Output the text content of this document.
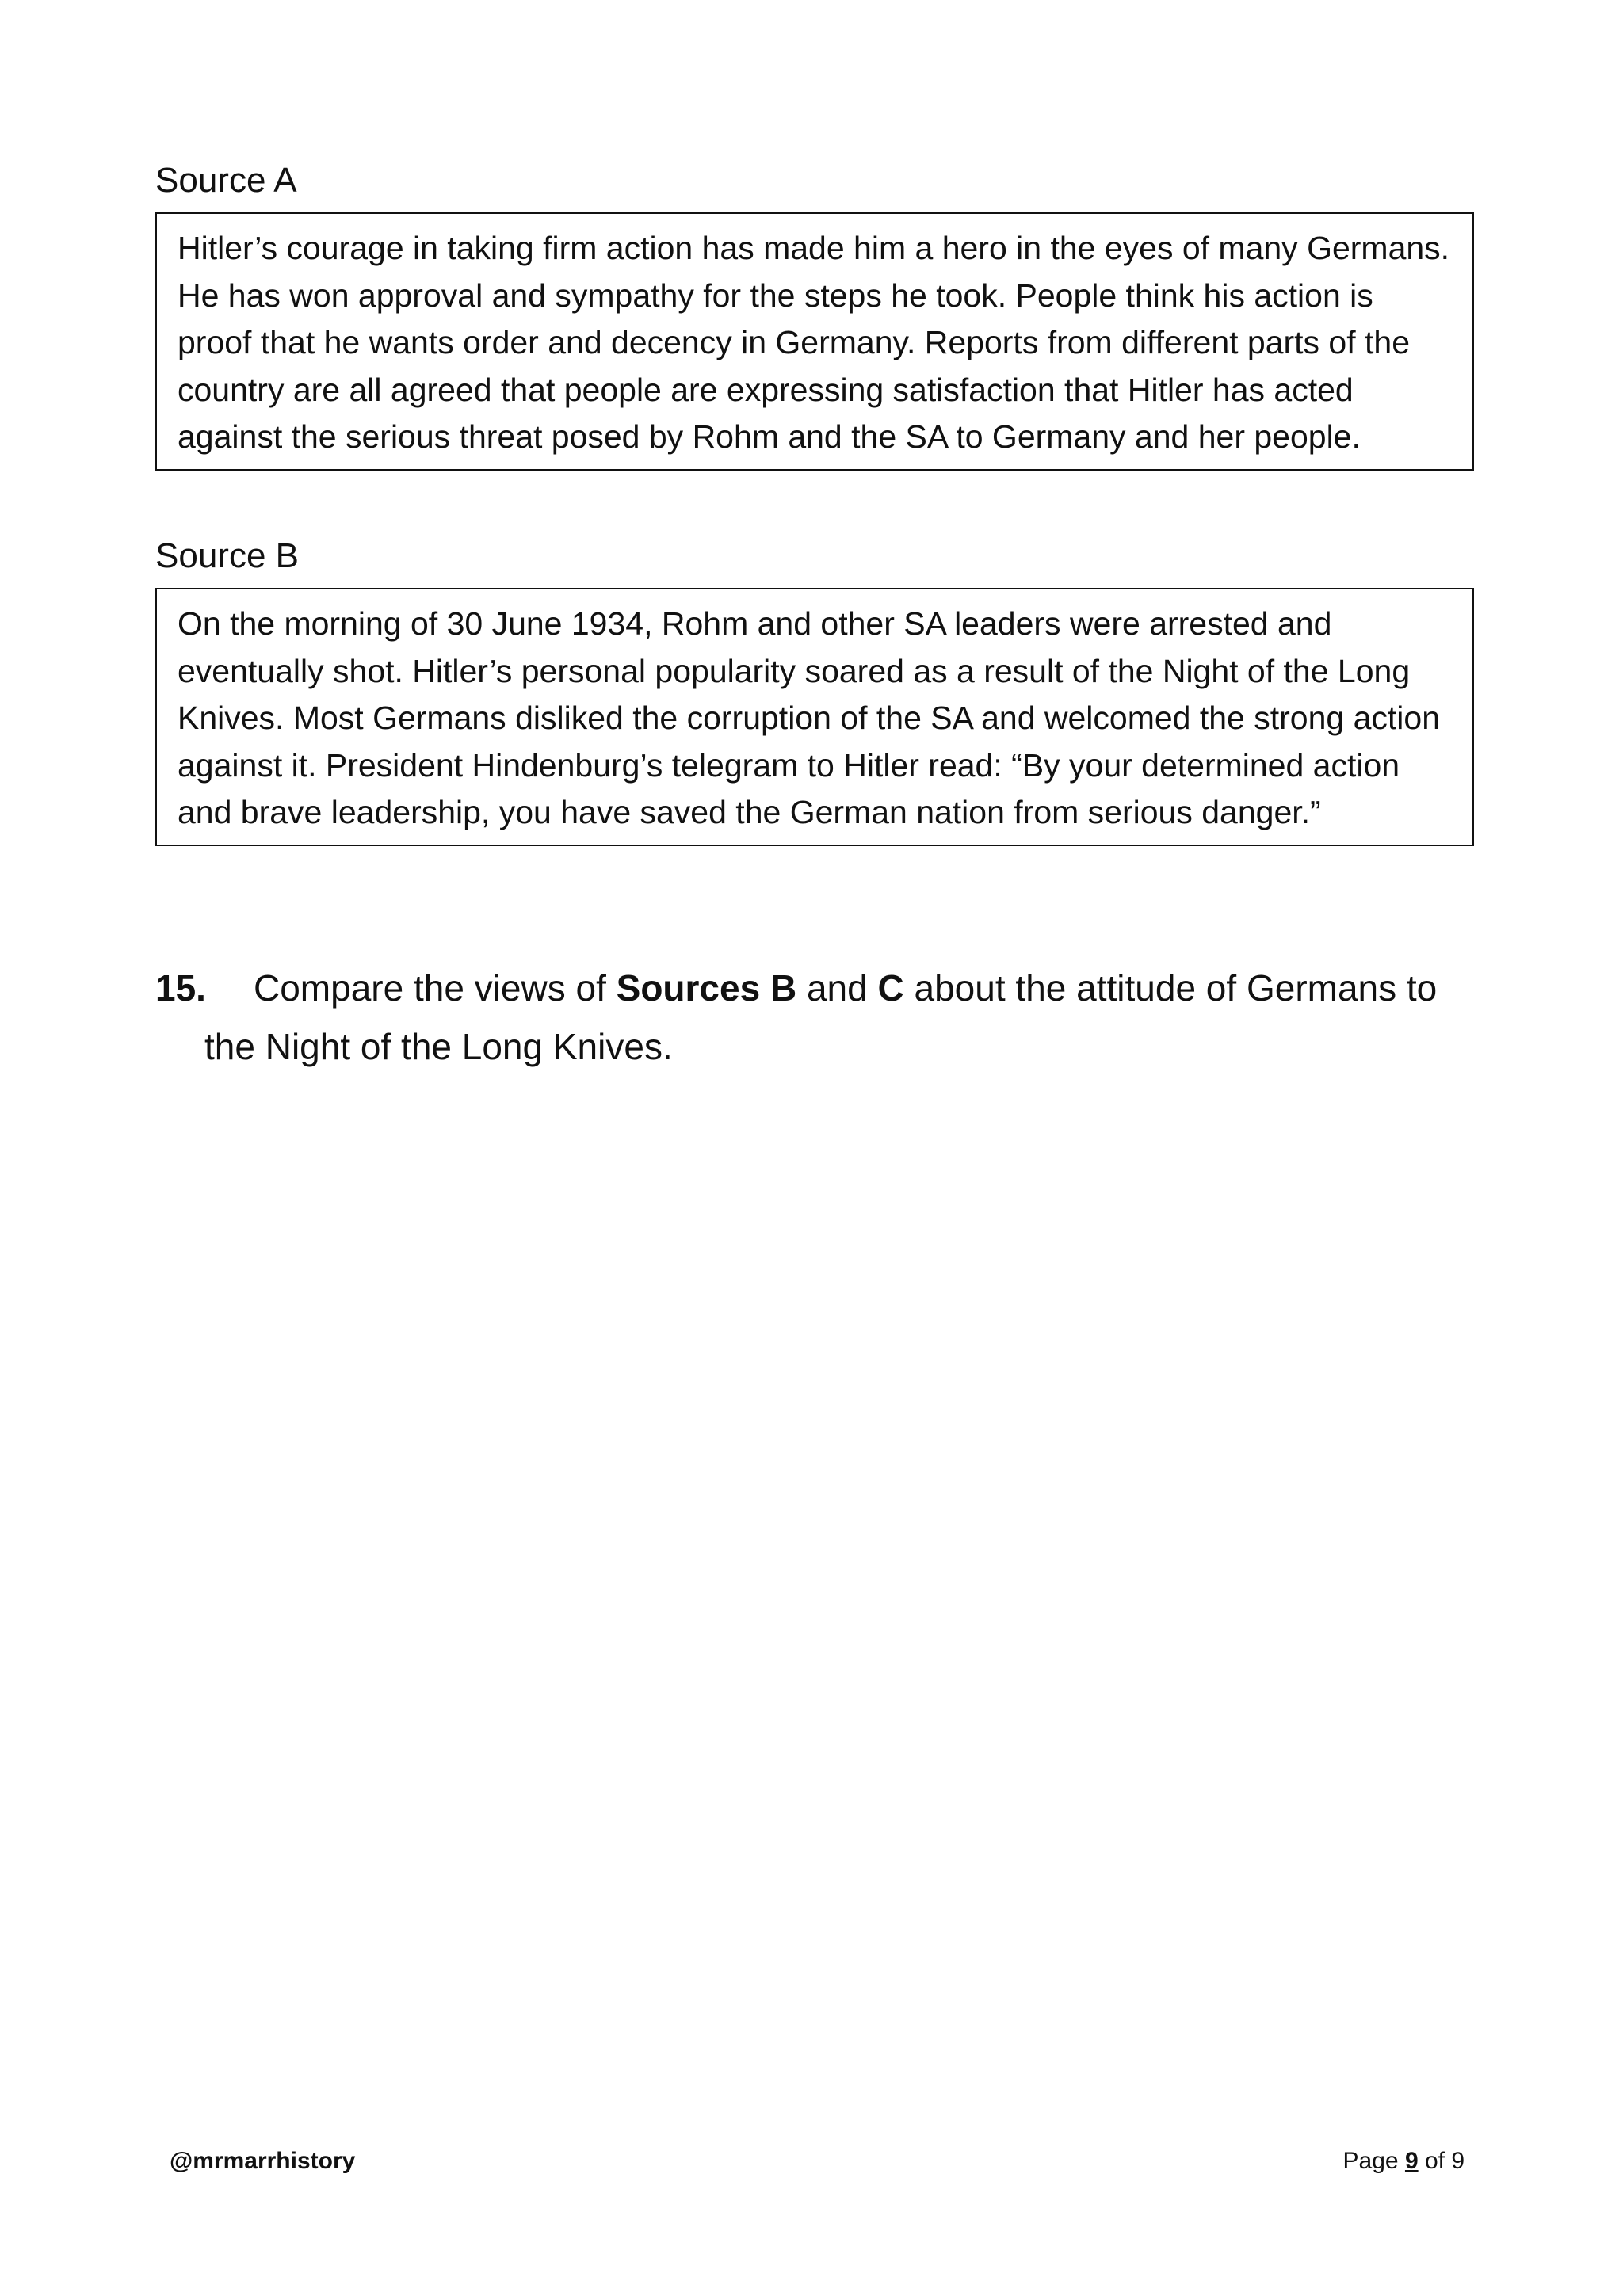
Source A

Hitler’s courage in taking firm action has made him a hero in the eyes of many Germans. He has won approval and sympathy for the steps he took. People think his action is proof that he wants order and decency in Germany. Reports from different parts of the country are all agreed that people are expressing satisfaction that Hitler has acted against the serious threat posed by Rohm and the SA to Germany and her people.

Source B

On the morning of 30 June 1934, Rohm and other SA leaders were arrested and eventually shot. Hitler’s personal popularity soared as a result of the Night of the Long Knives. Most Germans disliked the corruption of the SA and welcomed the strong action against it. President Hindenburg’s telegram to Hitler read: “By your determined action and brave leadership, you have saved the German nation from serious danger.”

15. Compare the views of Sources B and C about the attitude of Germans to
the Night of the Long Knives.
@mrmarrhistory	Page 9 of 9
